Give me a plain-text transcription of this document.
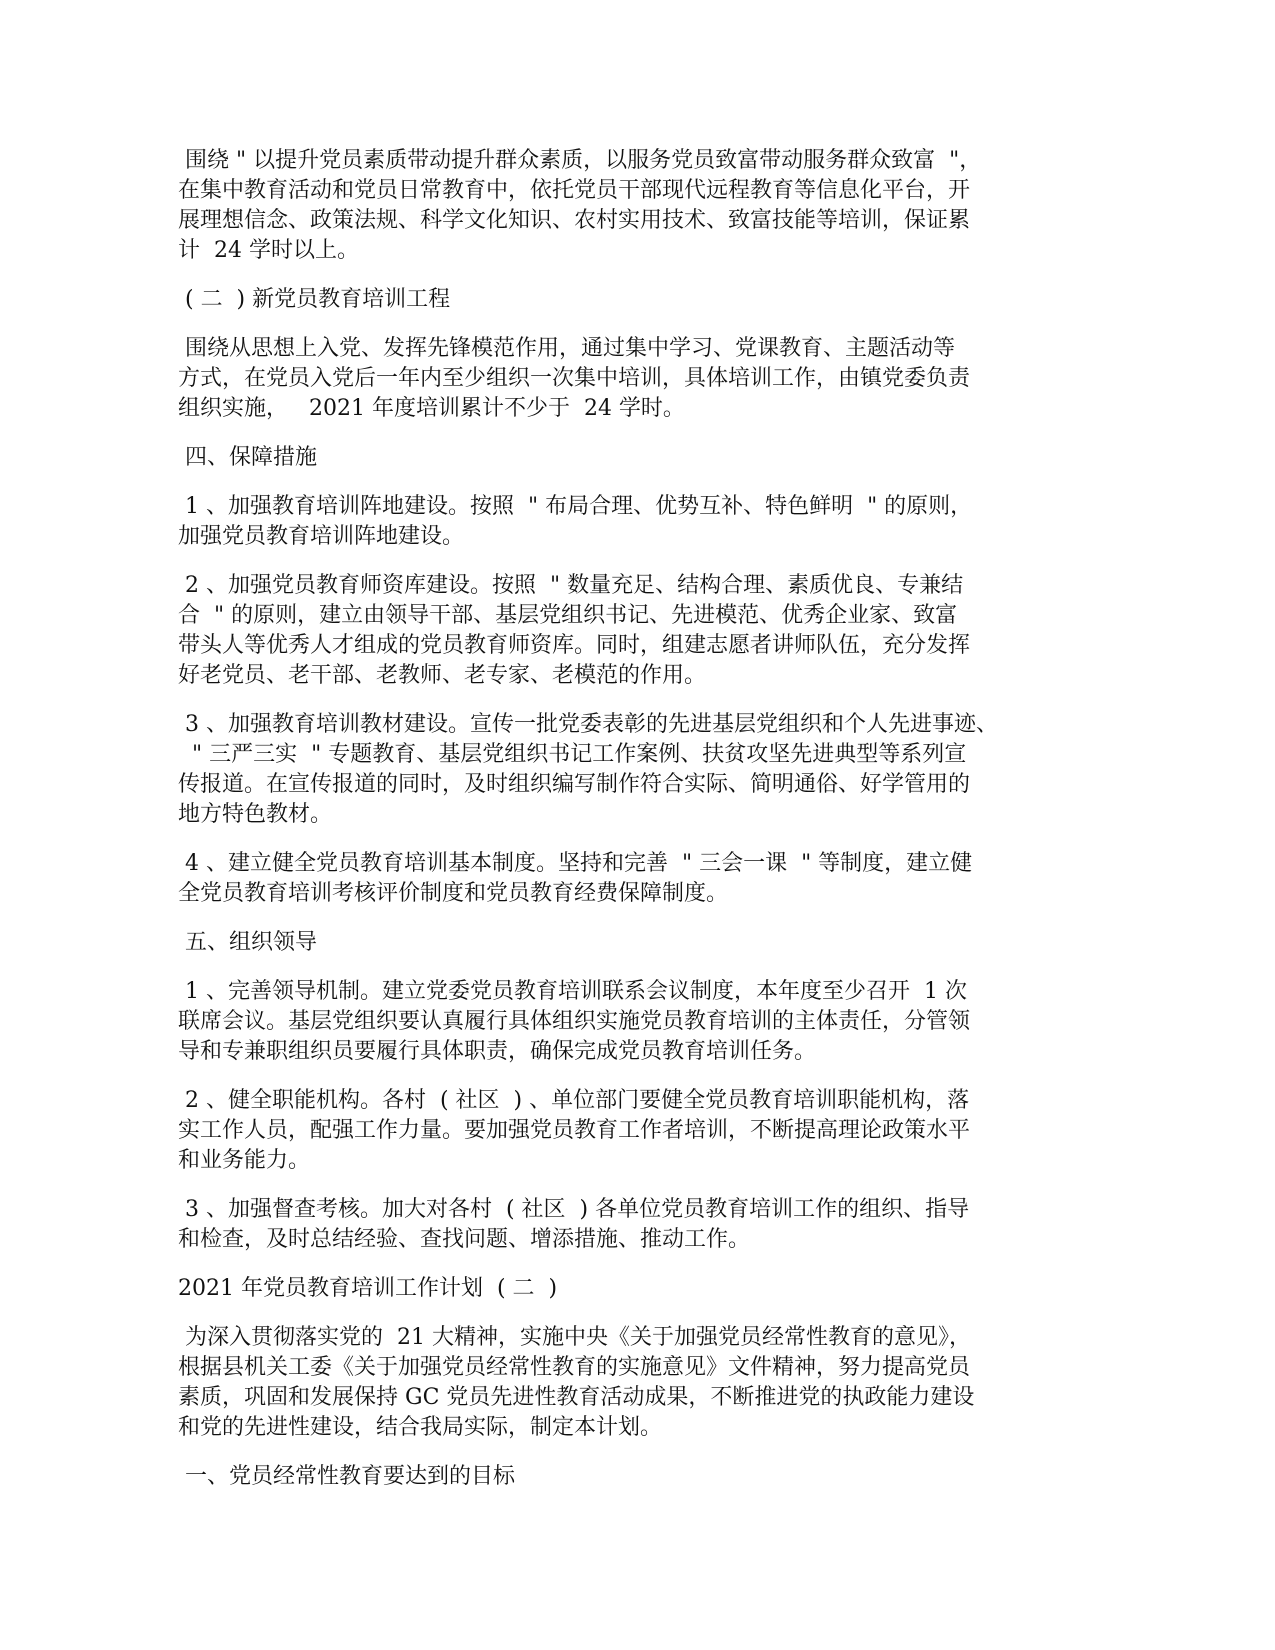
围绕 " 以提升党员素质带动提升群众素质，以服务党员致富带动服务群众致富  "，
在集中教育活动和党员日常教育中，依托党员干部现代远程教育等信息化平台，开
展理想信念、政策法规、科学文化知识、农村实用技术、致富技能等培训，保证累
计  24 学时以上。
( 二  ) 新党员教育培训工程
围绕从思想上入党、发挥先锋模范作用，通过集中学习、党课教育、主题活动等
方式，在党员入党后一年内至少组织一次集中培训，具体培训工作，由镇党委负责
组织实施，   2021 年度培训累计不少于  24 学时。
四、保障措施
1 、加强教育培训阵地建设。按照  " 布局合理、优势互补、特色鲜明  " 的原则，
加强党员教育培训阵地建设。
2 、加强党员教育师资库建设。按照  " 数量充足、结构合理、素质优良、专兼结
合  " 的原则，建立由领导干部、基层党组织书记、先进模范、优秀企业家、致富
带头人等优秀人才组成的党员教育师资库。同时，组建志愿者讲师队伍，充分发挥
好老党员、老干部、老教师、老专家、老模范的作用。
3 、加强教育培训教材建设。宣传一批党委表彰的先进基层党组织和个人先进事迹、
" 三严三实  " 专题教育、基层党组织书记工作案例、扶贫攻坚先进典型等系列宣
传报道。在宣传报道的同时，及时组织编写制作符合实际、简明通俗、好学管用的
地方特色教材。
4 、建立健全党员教育培训基本制度。坚持和完善  " 三会一课  " 等制度，建立健
全党员教育培训考核评价制度和党员教育经费保障制度。
五、组织领导
1 、完善领导机制。建立党委党员教育培训联系会议制度，本年度至少召开  1 次
联席会议。基层党组织要认真履行具体组织实施党员教育培训的主体责任，分管领
导和专兼职组织员要履行具体职责，确保完成党员教育培训任务。
2 、健全职能机构。各村  ( 社区  ) 、单位部门要健全党员教育培训职能机构，落
实工作人员，配强工作力量。要加强党员教育工作者培训，不断提高理论政策水平
和业务能力。
3 、加强督查考核。加大对各村  ( 社区  ) 各单位党员教育培训工作的组织、指导
和检查，及时总结经验、查找问题、增添措施、推动工作。
2021 年党员教育培训工作计划  ( 二  )
为深入贯彻落实党的  21 大精神，实施中央《关于加强党员经常性教育的意见》，
根据县机关工委《关于加强党员经常性教育的实施意见》文件精神，努力提高党员
素质，巩固和发展保持 GC 党员先进性教育活动成果，不断推进党的执政能力建设
和党的先进性建设，结合我局实际，制定本计划。
一、党员经常性教育要达到的目标
